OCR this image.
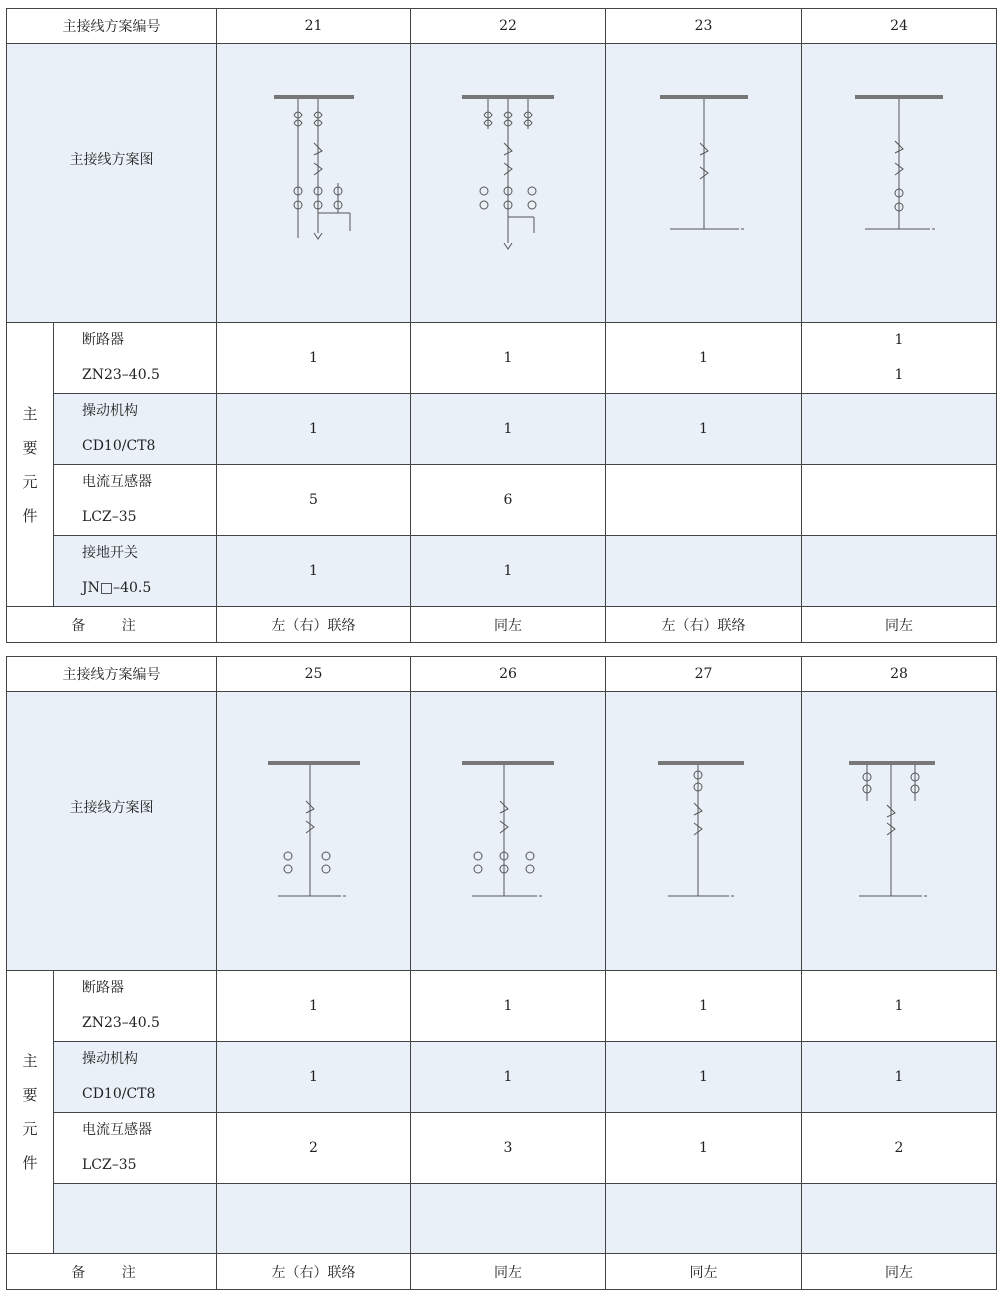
主接线方案编号		21	22	23	24
主接线方案图	

主
要
元
件	断路器
ZN23–40.5	1	1	1	1
1

	操动机构
CD10/CT8	1	1	1	

	电流互感器
LCZ–35	5	6		

	接地开关
JN□–40.5	1	1		
备 注		左（右）联络	同左	左（右）联络	同左
主接线方案编号		25	26	27	28
主接线方案图	

主
要
元
件	断路器
ZN23–40.5	1	1	1	1

	操动机构
CD10/CT8	1	1	1	1

	电流互感器
LCZ–35	2	3	1	2

备 注		左（右）联络	同左	同左	同左
